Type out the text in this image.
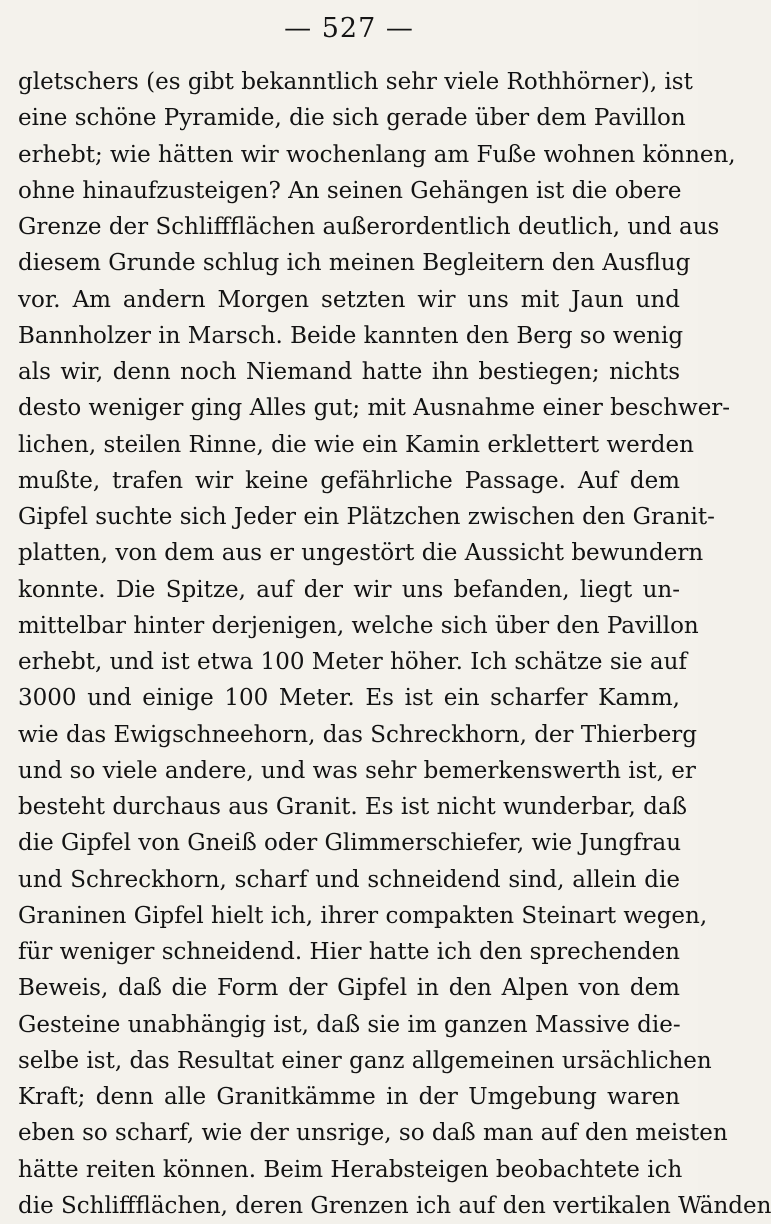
— 527 —
gletschers (es gibt bekanntlich sehr viele Rothhörner), ist
eine schöne Pyramide, die sich gerade über dem Pavillon
erhebt; wie hätten wir wochenlang am Fuße wohnen können,
ohne hinaufzusteigen? An seinen Gehängen ist die obere
Grenze der Schliffflächen außerordentlich deutlich, und aus
diesem Grunde schlug ich meinen Begleitern den Ausflug
vor. Am andern Morgen setzten wir uns mit Jaun und
Bannholzer in Marsch. Beide kannten den Berg so wenig
als wir, denn noch Niemand hatte ihn bestiegen; nichts
desto weniger ging Alles gut; mit Ausnahme einer beschwer-
lichen, steilen Rinne, die wie ein Kamin erklettert werden
mußte, trafen wir keine gefährliche Passage. Auf dem
Gipfel suchte sich Jeder ein Plätzchen zwischen den Granit-
platten, von dem aus er ungestört die Aussicht bewundern
konnte. Die Spitze, auf der wir uns befanden, liegt un-
mittelbar hinter derjenigen, welche sich über den Pavillon
erhebt, und ist etwa 100 Meter höher. Ich schätze sie auf
3000 und einige 100 Meter. Es ist ein scharfer Kamm,
wie das Ewigschneehorn, das Schreckhorn, der Thierberg
und so viele andere, und was sehr bemerkenswerth ist, er
besteht durchaus aus Granit. Es ist nicht wunderbar, daß
die Gipfel von Gneiß oder Glimmerschiefer, wie Jungfrau
und Schreckhorn, scharf und schneidend sind, allein die
Graninen Gipfel hielt ich, ihrer compakten Steinart wegen,
für weniger schneidend. Hier hatte ich den sprechenden
Beweis, daß die Form der Gipfel in den Alpen von dem
Gesteine unabhängig ist, daß sie im ganzen Massive die-
selbe ist, das Resultat einer ganz allgemeinen ursächlichen
Kraft; denn alle Granitkämme in der Umgebung waren
eben so scharf, wie der unsrige, so daß man auf den meisten
hätte reiten können. Beim Herabsteigen beobachtete ich
die Schliffflächen, deren Grenzen ich auf den vertikalen Wänden
